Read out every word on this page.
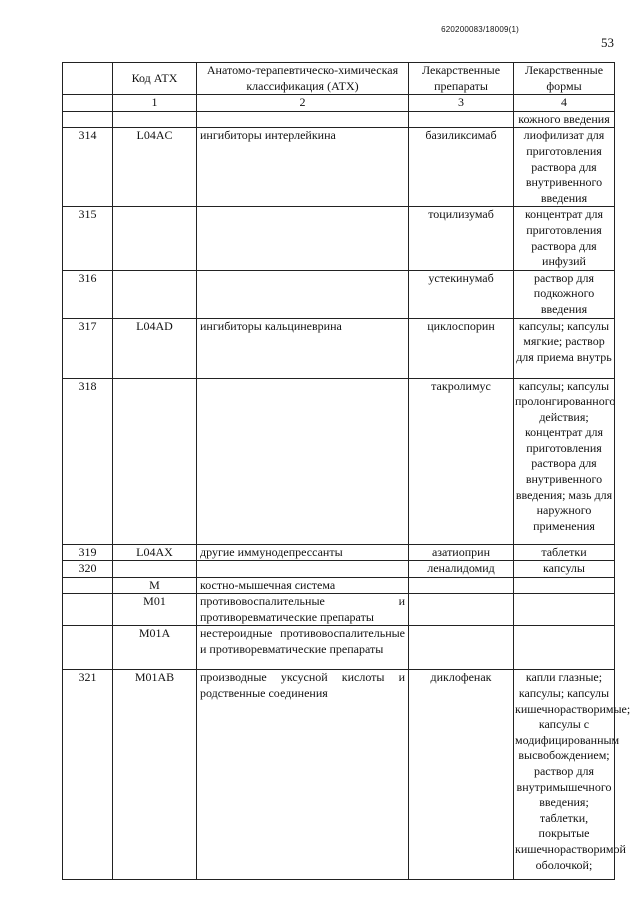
620200083/18009(1)
53
	Код АТХ	Анатомо-терапевтическо-химическая классификация (АТХ)	Лекарственные препараты	Лекарственные формы
	1	2	3	4
				кожного введения
314	L04AC	ингибиторы интерлейкина	базиликсимаб	лиофилизат для приготовления раствора для внутривенного введения
315			тоцилизумаб	концентрат для приготовления раствора для инфузий
316			устекинумаб	раствор для подкожного введения
317	L04AD	ингибиторы кальциневрина	циклоспорин	капсулы; капсулы мягкие; раствор для приема внутрь
318			такролимус	капсулы; капсулы пролонгированного действия; концентрат для приготовления раствора для внутривенного введения; мазь для наружного применения
319	L04AX	другие иммунодепрессанты	азатиоприн	таблетки
320			леналидомид	капсулы
	M	костно-мышечная система		
	M01	противовоспалительные и противоревматические препараты		
	M01A	нестероидные противовоспалительные и противоревматические препараты		
321	M01AB	производные уксусной кислоты и родственные соединения	диклофенак	капли глазные; капсулы; капсулы кишечнорастворимые; капсулы с модифицированным высвобождением; раствор для внутримышечного введения; таблетки, покрытые кишечнорастворимой оболочкой;
